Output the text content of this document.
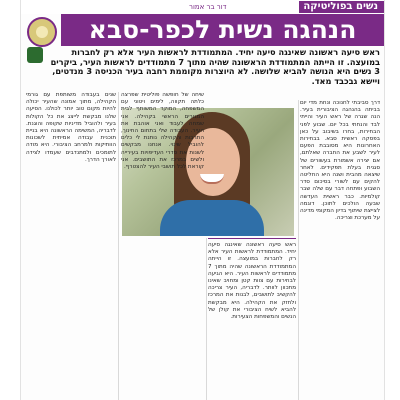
נשים בפוליטיקה
דור בר אמור
הנהגה נשית לכפר-סבא
ראש סיעה ראשונה שאינגה סיעה יחיד. המתמודדת לראשות העיר אלא רק לחברות במועצה. זו הייתה המתמודדת הראשונה שהיה מתוך 7 מתמודדים לראשות העיר, ביקרים 3 נשים היא הנושה להביא שלושה. לא היוצרות מקוממת רחבה בעיר הכניסה 3 מנדטים, ויישא גבכבד מאד.
דרך סביבתי לחנוכה ונחת מדי יום בביתה בהנהגה הציבורית בעיר. הנה שגרה של ראש העיר והייתי לבד והנחתי בכל יום. שבוע לפני הבחירות, בחרו בשיבוב על כאן בפסקה ראשית סבא. בבחירות האחרונות היא מסובבת הפעם לעיר לשבע את החברה שאלתם, אם יצירה אשמורת בעשורים של סגנית בעלת תפקידים. לאחר שיצאה מהבית ושנה היא החליטה להקים עם לשורי בסיכום סדר השבוע ופתחה דבר עם שלה שבר קולמיות. כבר ראשית העדשה שבעה הולכים לתוכן. דוגמה לצייצת שיתוף בדיון המקומי מדינה על מערכת וצריכה.
ראש סיעה ראשונה שאינגה סיעה יחיד. המתמודדת לראשות העיר אלא רק לחברות במועצה. זו הייתה המתמודדת הראשונה שהיה מתוך 7 מתמודדים לראשות העיר. היא הגיעה לבחירות עם צוות קטן ומחויב שאינו מתכוון לוותר. לדבריה, העיר צריכה להקשיב לתושבים, לבנות את המרכז ולחזק את הקהילה. היא מבקשת להביא לשיח הציבורי את קולן של הנשים והמשפחות הצעירות.
שיחה של חופשה פוליטית שפרצה כלתה תקווה, לימים ויטוני עם המשפחה, המוקד המשותף לבית המגורים הראשי בקהילה. אני שמחה לעבוד ואני אוהבת את העיר. העבודה שלי בתחום החינוך, התרבות והקהילה נותנת לי כלים להוביל שינוי. אנחנו מבקשים לשנות את סדרי העדיפויות בעירייה ולשים במרכז את התושבים. אני קוראת לכל תושבי העיר להצטרף.
שנים בעבודה משותפת עם גורמי הקהילה, מתוך אמונה שהעיר יכולה להיות מקום טוב יותר לכולנו. הסיעה שלנו מבקשת לייצג את כל הקולות בעיר ולהוביל מדיניות שקופה והוגנת. לדבריה, המשימה הראשונה היא בניית תוכנית עבודה אמיתית לשכונות הוותיקות ולמרחב הציבורי. היא מודה לתומכים ולמתנדבים שעמדו לצידה לאורך הדרך.
